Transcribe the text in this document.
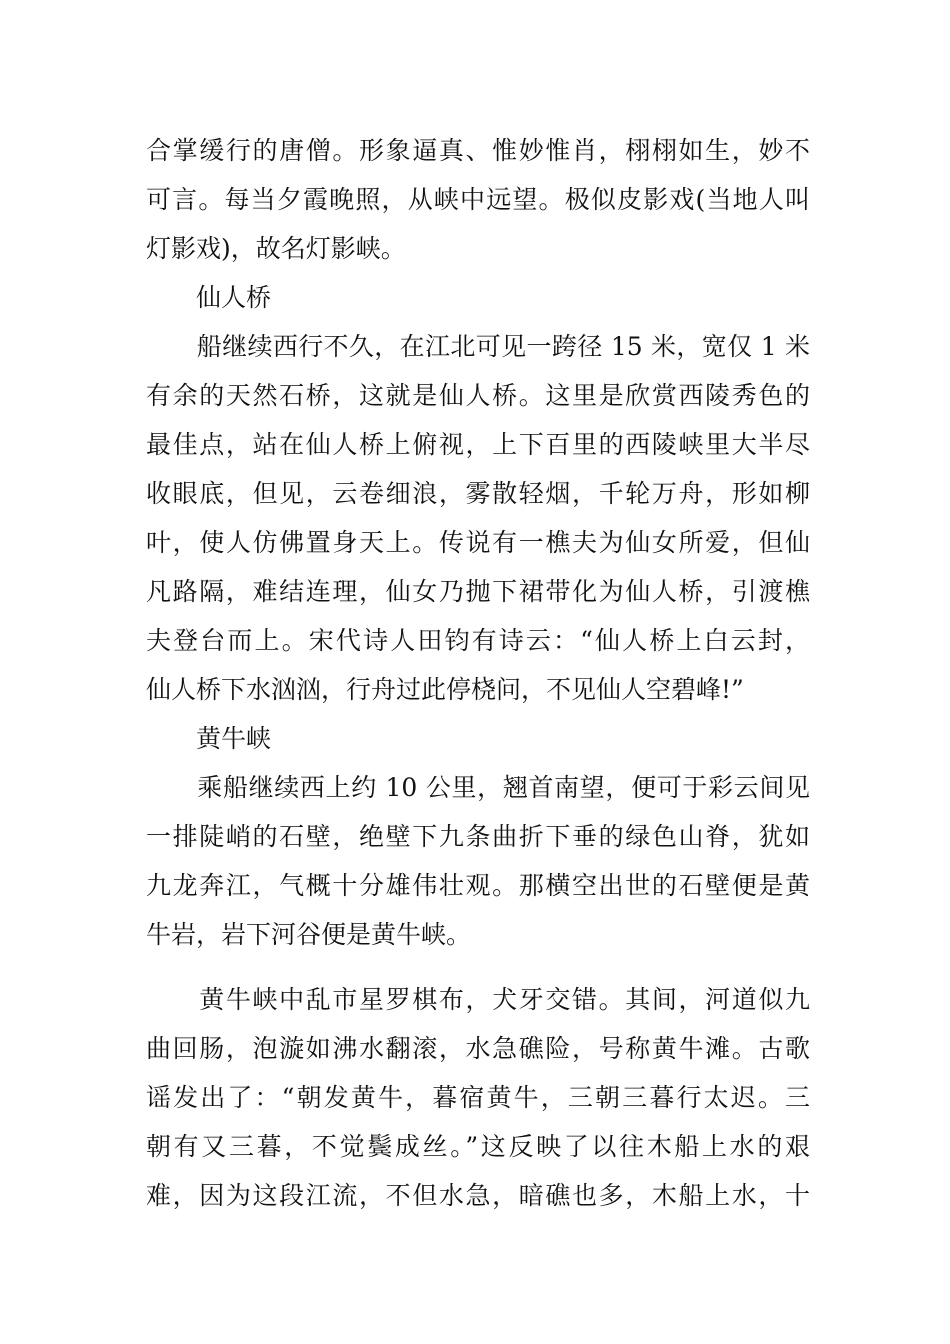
合掌缓行的唐僧。形象逼真、惟妙惟肖，栩栩如生，妙不
可言。每当夕霞晚照，从峡中远望。极似皮影戏(当地人叫
灯影戏)，故名灯影峡。
　　仙人桥
　　船继续西行不久，在江北可见一跨径 15 米，宽仅 1 米
有余的天然石桥，这就是仙人桥。这里是欣赏西陵秀色的
最佳点，站在仙人桥上俯视，上下百里的西陵峡里大半尽
收眼底，但见，云卷细浪，雾散轻烟，千轮万舟，形如柳
叶，使人仿佛置身天上。传说有一樵夫为仙女所爱，但仙
凡路隔，难结连理，仙女乃抛下裙带化为仙人桥，引渡樵
夫登台而上。宋代诗人田钧有诗云：“仙人桥上白云封，
仙人桥下水汹汹，行舟过此停桡问，不见仙人空碧峰!”
　　黄牛峡
　　乘船继续西上约 10 公里，翘首南望，便可于彩云间见
一排陡峭的石壁，绝壁下九条曲折下垂的绿色山脊，犹如
九龙奔江，气概十分雄伟壮观。那横空出世的石壁便是黄
牛岩，岩下河谷便是黄牛峡。
　　黄牛峡中乱市星罗棋布，犬牙交错。其间，河道似九
曲回肠，泡漩如沸水翻滚，水急礁险，号称黄牛滩。古歌
谣发出了：“朝发黄牛，暮宿黄牛，三朝三暮行太迟。三
朝有又三暮，不觉鬓成丝。”这反映了以往木船上水的艰
难，因为这段江流，不但水急，暗礁也多，木船上水，十
